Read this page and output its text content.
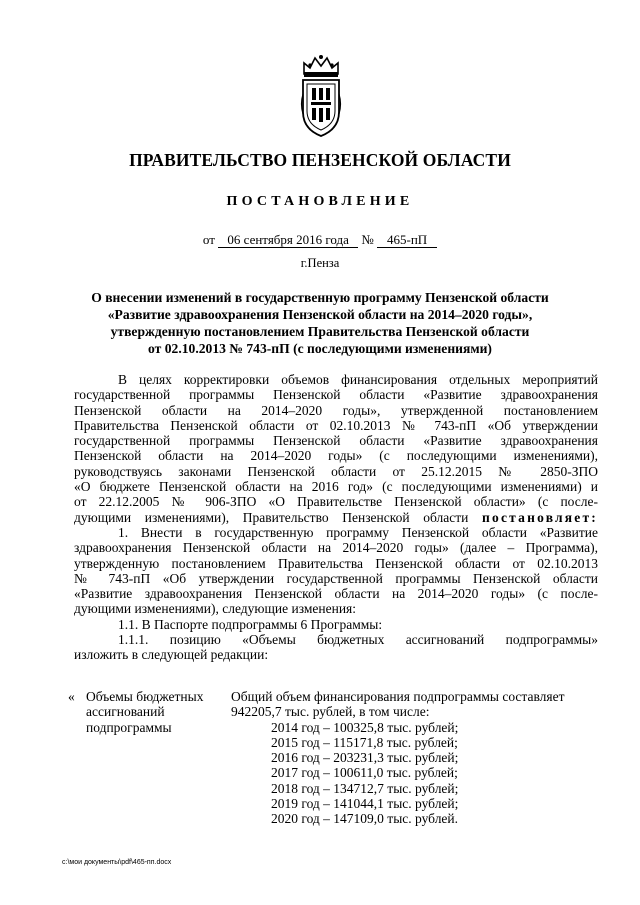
ПРАВИТЕЛЬСТВО ПЕНЗЕНСКОЙ ОБЛАСТИ
ПОСТАНОВЛЕНИЕ
от 06 сентября 2016 года № 465-пП
г.Пенза
О внесении изменений в государственную программу Пензенской области
«Развитие здравоохранения Пензенской области на 2014–2020 годы»,
утвержденную постановлением Правительства Пензенской области
от 02.10.2013 № 743-пП (с последующими изменениями)

В целях корректировки объемов финансирования отдельных мероприятий

государственной программы Пензенской области «Развитие здравоохранения

Пензенской области на 2014–2020 годы», утвержденной постановлением

Правительства Пензенской области от 02.10.2013 № 743-пП «Об утверждении

государственной программы Пензенской области «Развитие здравоохранения

Пензенской области на 2014–2020 годы» (с последующими изменениями),

руководствуясь законами Пензенской области от 25.12.2015 № 2850-ЗПО

«О бюджете Пензенской области на 2016 год» (с последующими изменениями) и

от 22.12.2005 № 906-ЗПО «О Правительстве Пензенской области» (с после-

дующими изменениями), Правительство Пензенской области постановляет:

1. Внести в государственную программу Пензенской области «Развитие

здравоохранения Пензенской области на 2014–2020 годы» (далее – Программа),

утвержденную постановлением Правительства Пензенской области от 02.10.2013

№ 743-пП «Об утверждении государственной программы Пензенской области

«Развитие здравоохранения Пензенской области на 2014–2020 годы» (с после-

дующими изменениями), следующие изменения:

1.1. В Паспорте подпрограммы 6 Программы:

1.1.1. позицию «Объемы бюджетных ассигнований подпрограммы»

изложить в следующей редакции:

« Объемы бюджетных
ассигнований
подпрограммы
Общий объем финансирования подпрограммы составляет
942205,7 тыс. рублей, в том числе:
2014 год – 100325,8 тыс. рублей;
2015 год – 115171,8 тыс. рублей;
2016 год – 203231,3 тыс. рублей;
2017 год – 100611,0 тыс. рублей;
2018 год – 134712,7 тыс. рублей;
2019 год – 141044,1 тыс. рублей;
2020 год – 147109,0 тыс. рублей.
c:\мои документы\pdf\465-пп.docx
